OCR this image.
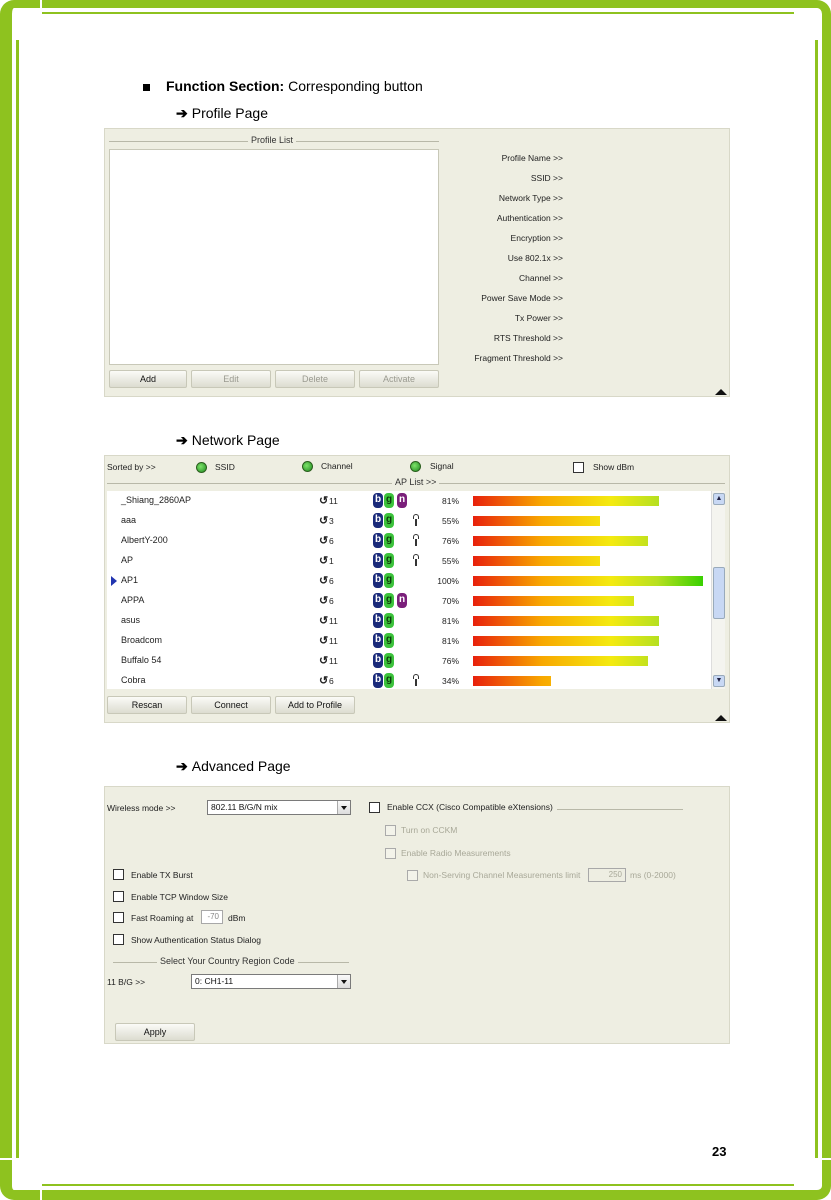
Function Section: Corresponding button
➔ Profile Page
Profile List
Profile Name >>
SSID >>
Network Type >>
Authentication >>
Encryption >>
Use 802.1x >>
Channel >>
Power Save Mode >>
Tx Power >>
RTS Threshold >>
Fragment Threshold >>
Add	Edit	Delete	Activate
➔ Network Page
Sorted by >>	SSID	Channel	Signal	Show dBm
AP List >>
Cobra	↺ 6	b g	34%
Buffalo 54	↺ 11	b g	76%
Broadcom	↺ 11	b g	81%
asus	↺ 11	b g	81%
APPA	↺ 6	b g n	70%
AP1	↺ 6	b g	100%
AP	↺ 1	b g	55%
AlbertY-200	↺ 6	b g	76%
aaa	↺ 3	b g	55%
_Shiang_2860AP	↺ 11	b g n	81%	▲
▼
Rescan	Connect	Add to Profile
➔ Advanced Page
Wireless mode >>	802.11 B/G/N mix	Enable CCX (Cisco Compatible eXtensions)
Turn on CCKM
Enable Radio Measurements
Non-Serving Channel Measurements limit	250 ms (0-2000)
Enable TX Burst
Enable TCP Window Size
Fast Roaming at	-70	dBm
Show Authentication Status Dialog
Select Your Country Region Code
11 B/G >>	0: CH1-11
Apply
23
